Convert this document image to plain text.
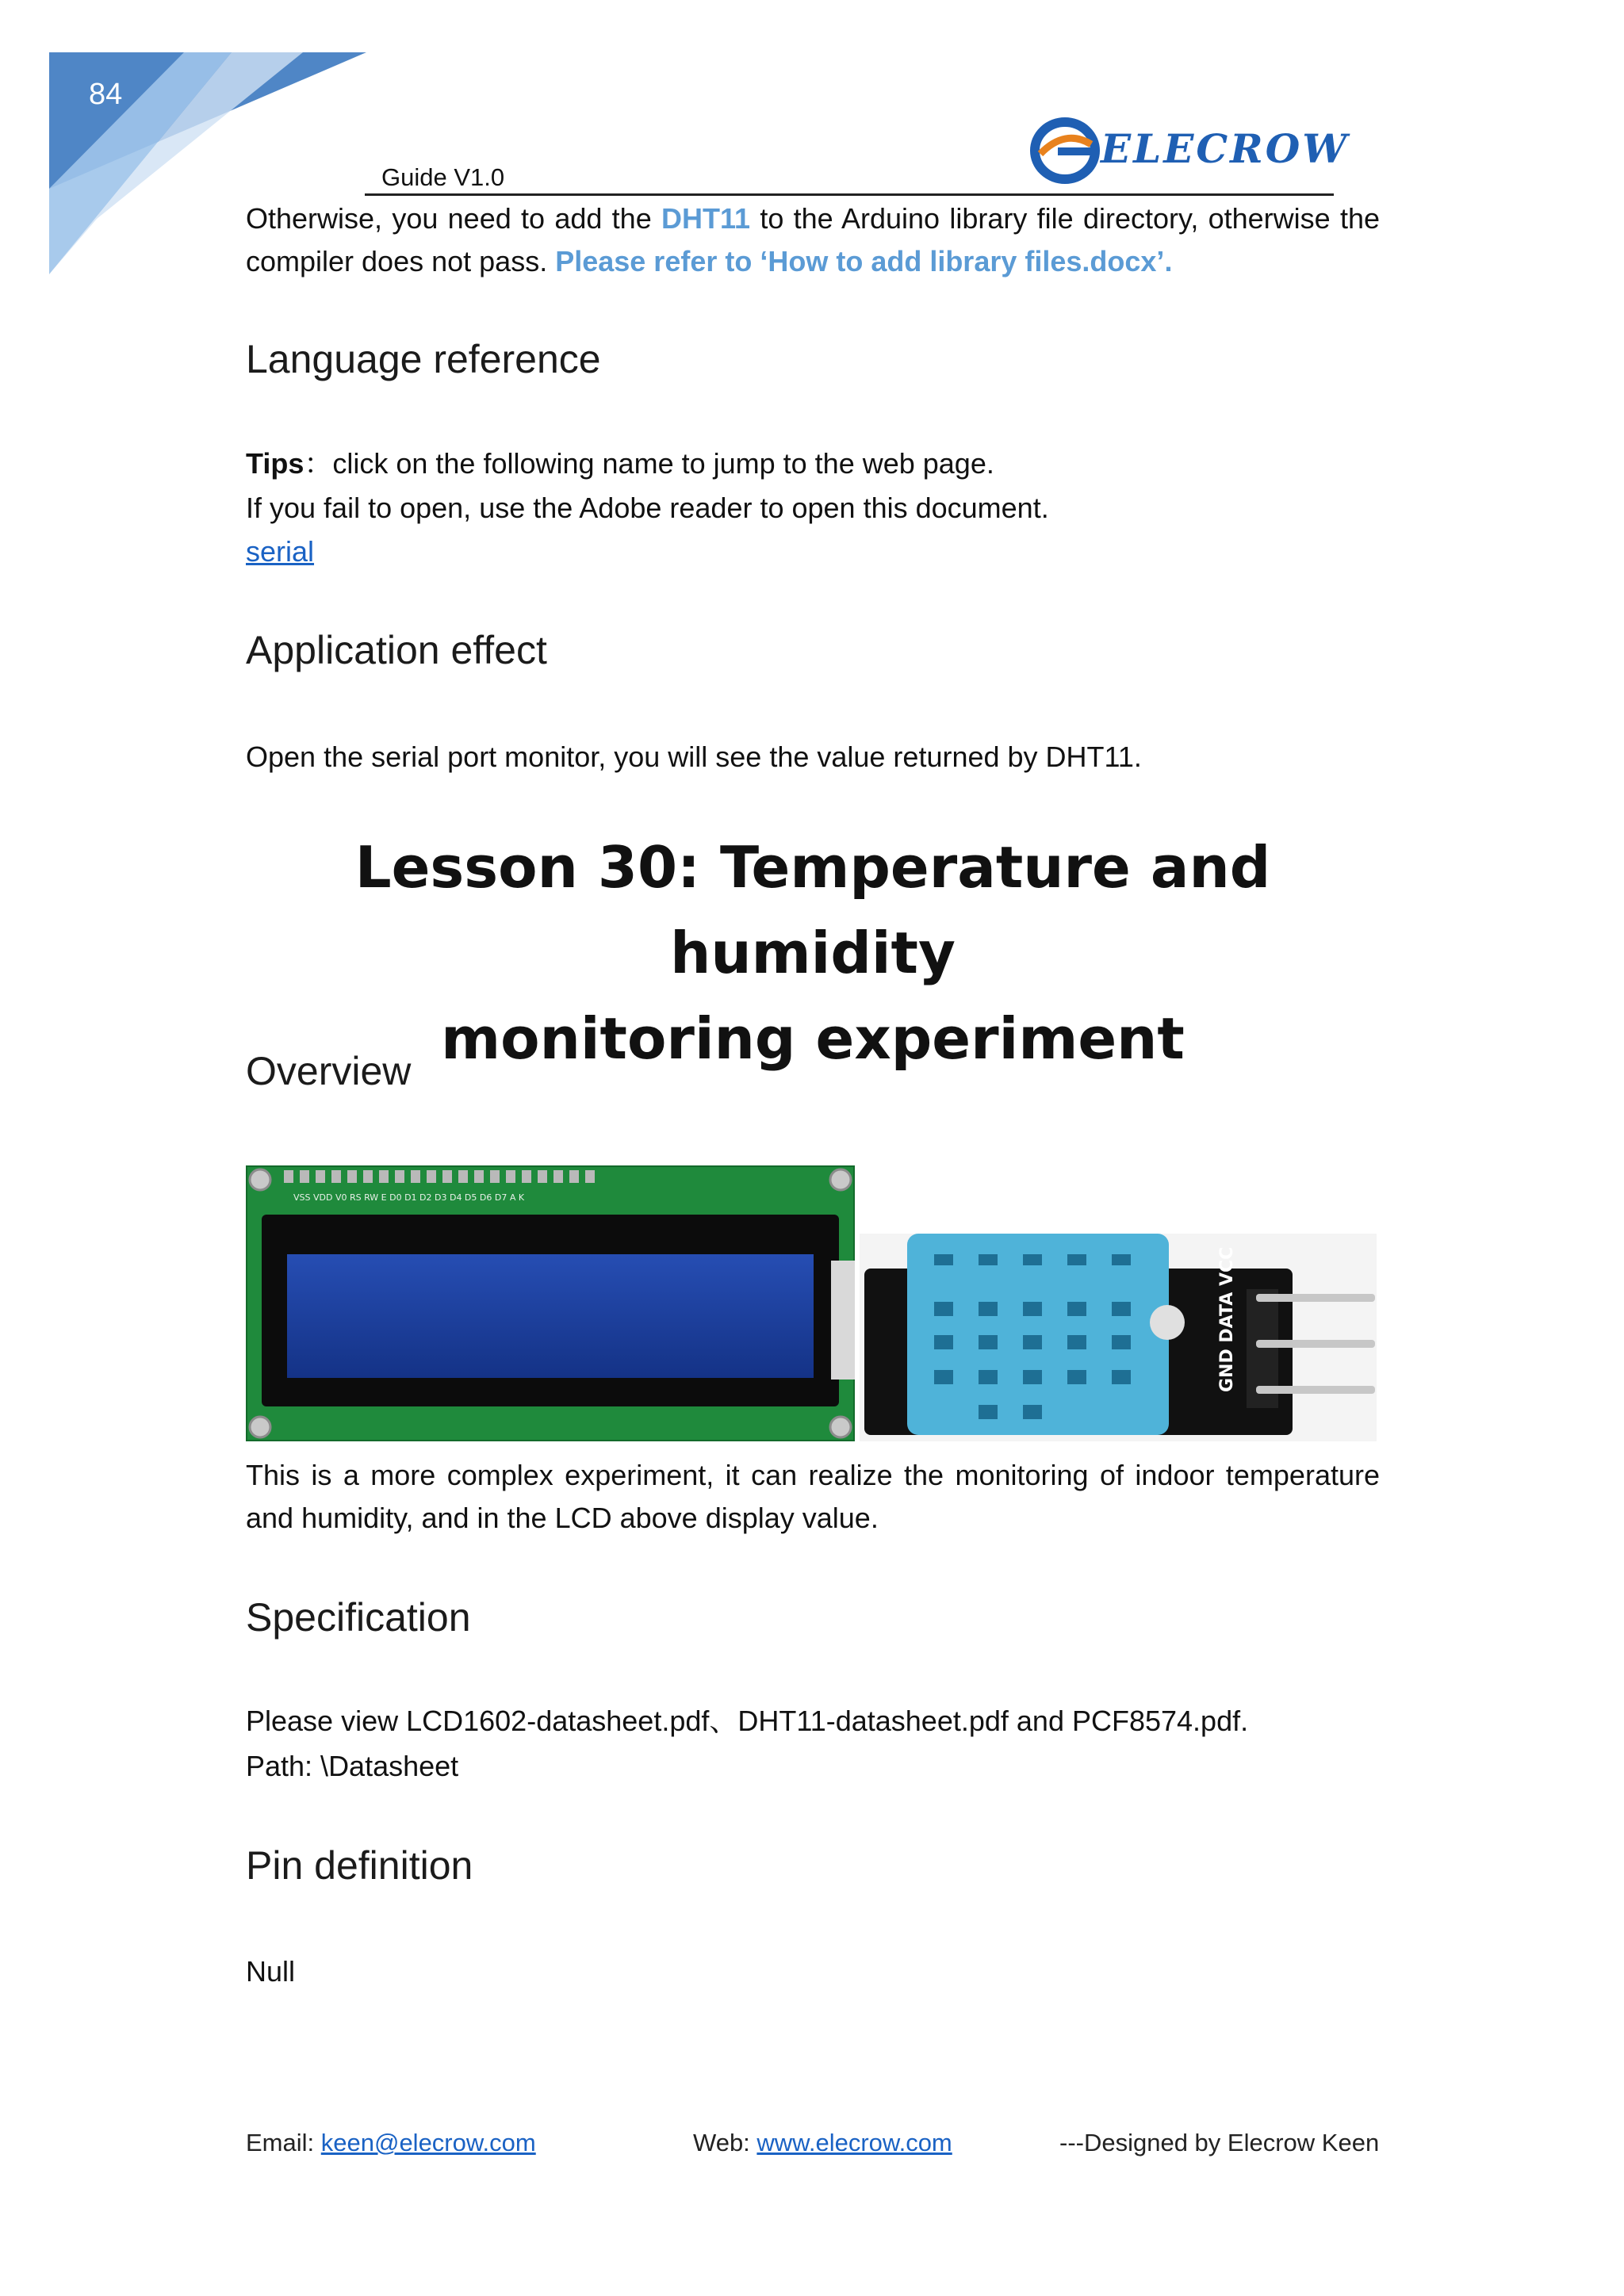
84
Guide V1.0
ELECROW
Otherwise, you need to add the DHT11 to the Arduino library file directory, otherwise the compiler does not pass. Please refer to ‘How to add library files.docx’.
Language reference
Tips：click on the following name to jump to the web page.
If you fail to open, use the Adobe reader to open this document.
serial
Application effect
Open the serial port monitor, you will see the value returned by DHT11.
Lesson 30: Temperature and humidity
monitoring experiment
Overview
VSS VDD V0 RS RW E D0 D1 D2 D3 D4 D5 D6 D7 A K
GND DATA VCC
This is a more complex experiment, it can realize the monitoring of indoor temperature and humidity, and in the LCD above display value.
Specification
Please view LCD1602-datasheet.pdf、DHT11-datasheet.pdf and PCF8574.pdf.
Path: \Datasheet
Pin definition
Null
Email: keen@elecrow.com	Web: www.elecrow.com	---Designed by Elecrow Keen
